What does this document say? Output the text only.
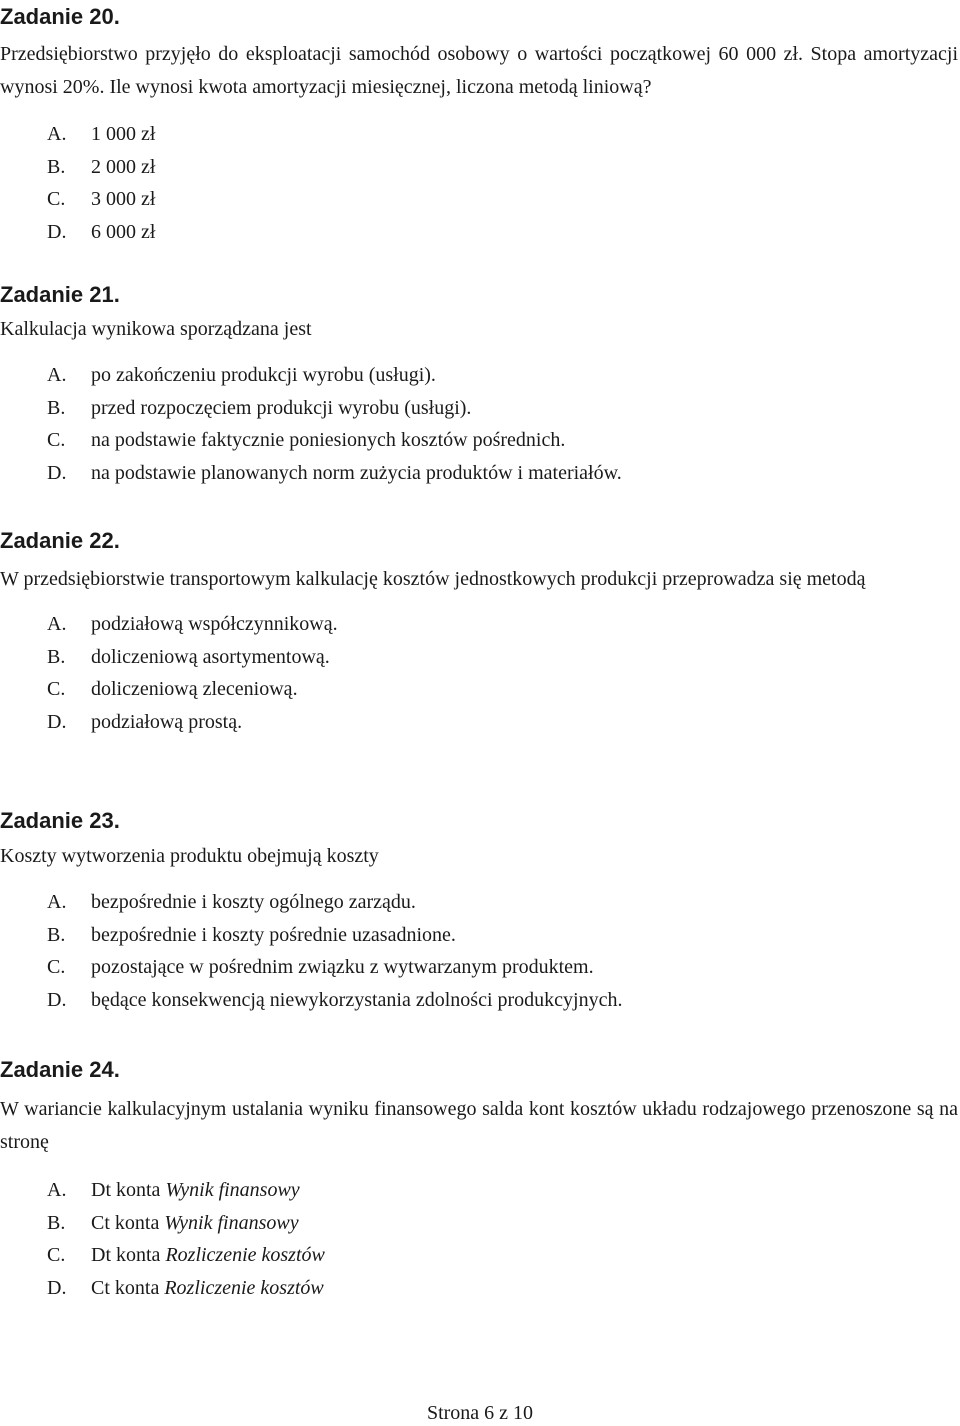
Zadanie 20.

Przedsiębiorstwo przyjęło do eksploatacji samochód osobowy o wartości początkowej 60 000 zł. Stopa amortyzacji wynosi 20%. Ile wynosi kwota amortyzacji miesięcznej, liczona metodą liniową?

A. 1 000 zł
B. 2 000 zł
C. 3 000 zł
D. 6 000 zł
Zadanie 21.

Kalkulacja wynikowa sporządzana jest

A. po zakończeniu produkcji wyrobu (usługi).
B. przed rozpoczęciem produkcji wyrobu (usługi).
C. na podstawie faktycznie poniesionych kosztów pośrednich.
D. na podstawie planowanych norm zużycia produktów i materiałów.
Zadanie 22.

W przedsiębiorstwie transportowym kalkulację kosztów jednostkowych produkcji przeprowadza się metodą

A. podziałową współczynnikową.
B. doliczeniową asortymentową.
C. doliczeniową zleceniową.
D. podziałową prostą.
Zadanie 23.

Koszty wytworzenia produktu obejmują koszty

A. bezpośrednie i koszty ogólnego zarządu.
B. bezpośrednie i koszty pośrednie uzasadnione.
C. pozostające w pośrednim związku z wytwarzanym produktem.
D. będące konsekwencją niewykorzystania zdolności produkcyjnych.
Zadanie 24.

W wariancie kalkulacyjnym ustalania wyniku finansowego salda kont kosztów układu rodzajowego przenoszone są na stronę

A. Dt konta Wynik finansowy
B. Ct konta Wynik finansowy
C. Dt konta Rozliczenie kosztów
D. Ct konta Rozliczenie kosztów
Strona 6 z 10
